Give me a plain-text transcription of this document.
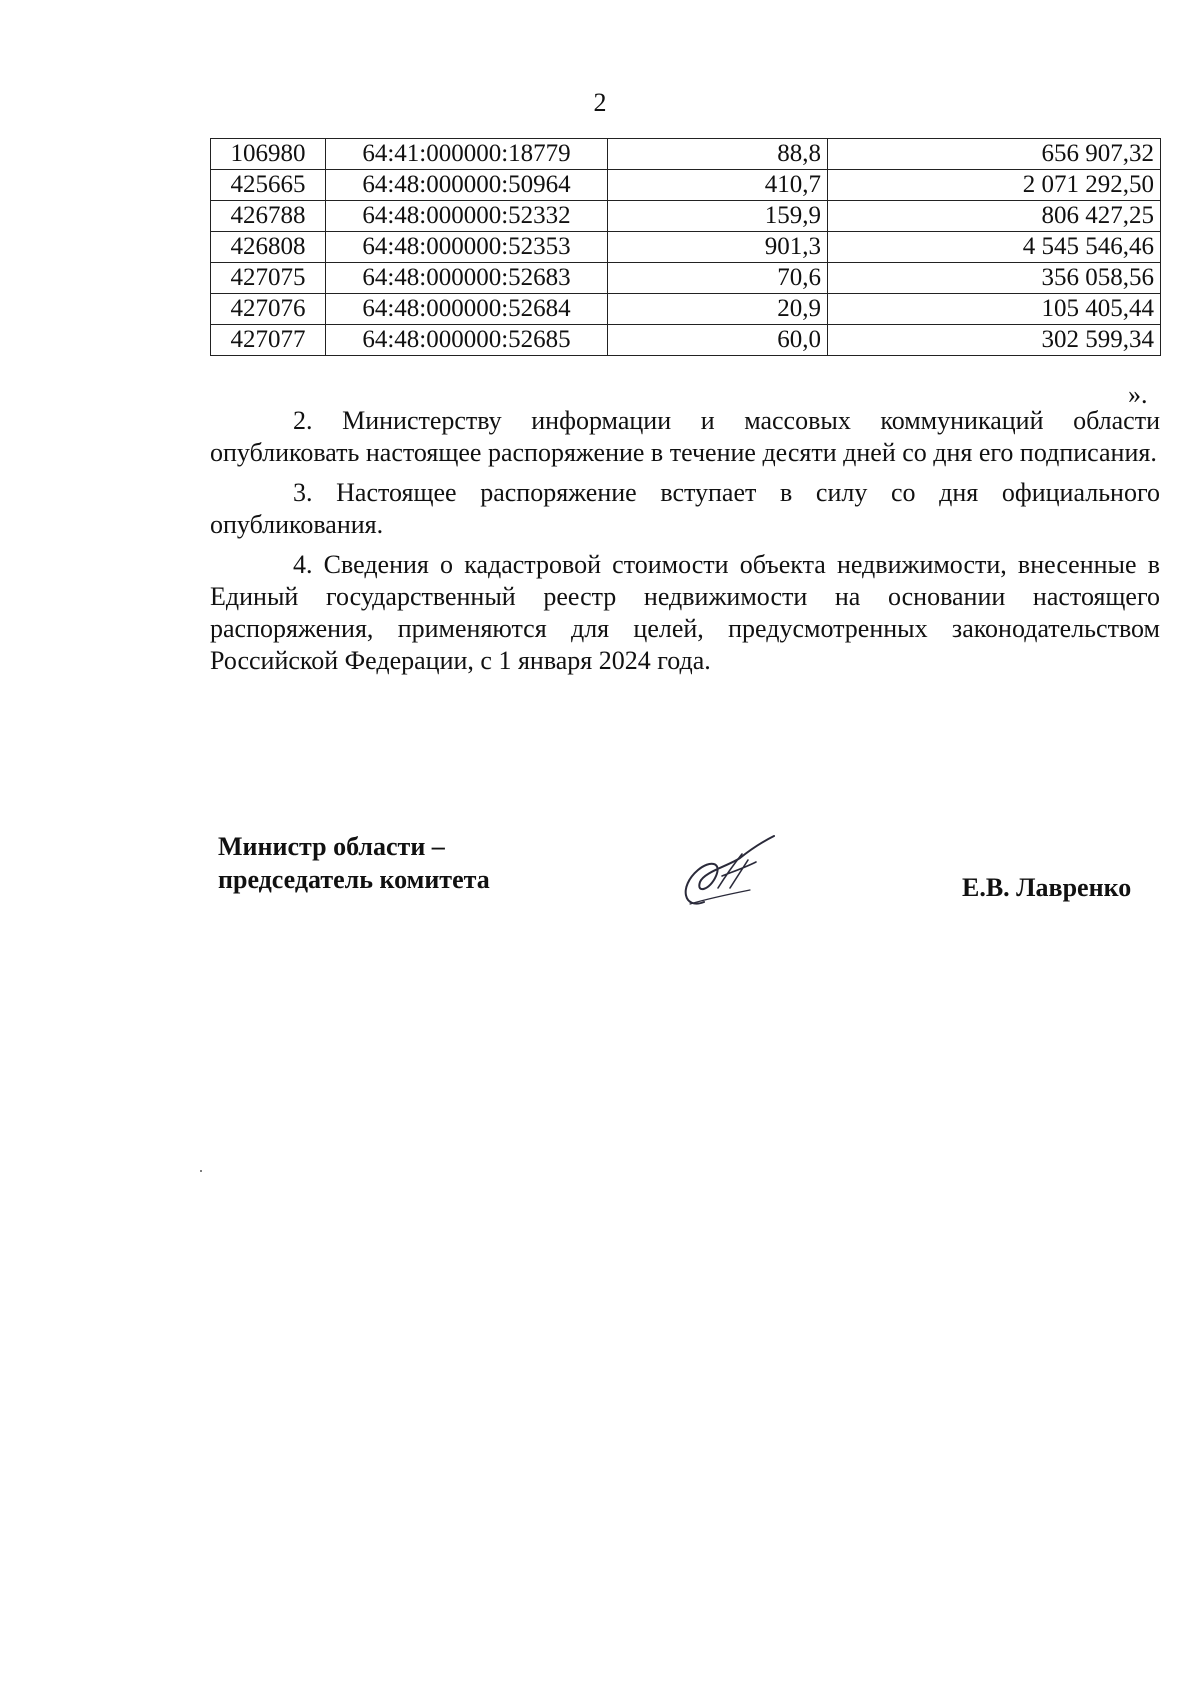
2
106980	64:41:000000:18779	88,8	656 907,32
425665	64:48:000000:50964	410,7	2 071 292,50
426788	64:48:000000:52332	159,9	806 427,25
426808	64:48:000000:52353	901,3	4 545 546,46
427075	64:48:000000:52683	70,6	356 058,56
427076	64:48:000000:52684	20,9	105 405,44
427077	64:48:000000:52685	60,0	302 599,34
».

2. Министерству информации и массовых коммуникаций области опубликовать настоящее распоряжение в течение десяти дней со дня его подписания.

3. Настоящее распоряжение вступает в силу со дня официального опубликования.

4. Сведения о кадастровой стоимости объекта недвижимости, внесенные в Единый государственный реестр недвижимости на основании настоящего распоряжения, применяются для целей, предусмотренных законодательством Российской Федерации, с 1 января 2024 года.

Министр области –
председатель комитета	Е.В. Лавренко
